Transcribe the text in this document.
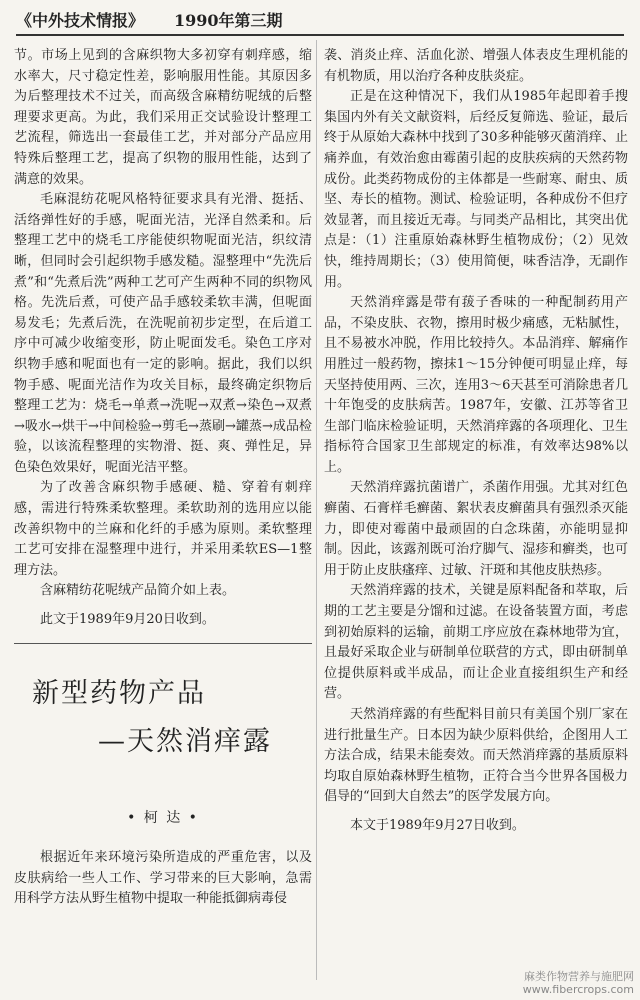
《中外技术情报》 1990年第三期

节。市场上见到的含麻织物大多初穿有刺痒感，缩水率大，尺寸稳定性差，影响服用性能。其原因多为后整理技术不过关，而高级含麻精纺呢绒的后整理要求更高。为此，我们采用正交试验设计整理工艺流程，筛选出一套最佳工艺，并对部分产品应用特殊后整理工艺，提高了织物的服用性能，达到了满意的效果。

毛麻混纺花呢风格特征要求具有光滑、挺括、活络弹性好的手感，呢面光洁，光泽自然柔和。后整理工艺中的烧毛工序能使织物呢面光洁，织纹清晰，但同时会引起织物手感发糙。湿整理中“先洗后煮”和“先煮后洗”两种工艺可产生两种不同的织物风格。先洗后煮，可使产品手感较柔软丰满，但呢面易发毛；先煮后洗，在洗呢前初步定型，在后道工序中可减少收缩变形，防止呢面发毛。染色工序对织物手感和呢面也有一定的影响。据此，我们以织物手感、呢面光洁作为攻关目标，最终确定织物后整理工艺为：烧毛→单煮→洗呢→双煮→染色→双煮→吸水→烘干→中间检验→剪毛→蒸刷→罐蒸→成品检验，以该流程整理的实物滑、挺、爽、弹性足，异色染色效果好，呢面光洁平整。

为了改善含麻织物手感硬、糙、穿着有刺痒感，需进行特殊柔软整理。柔软助剂的选用应以能改善织物中的兰麻和化纤的手感为原则。柔软整理工艺可安排在湿整理中进行，并采用柔软ES—1整理方法。

含麻精纺花呢绒产品简介如上表。

此文于1989年9月20日收到。

新型药物产品
—天然消痒露
• 柯 达 •

根据近年来环境污染所造成的严重危害，以及皮肤病给一些人工作、学习带来的巨大影响，急需用科学方法从野生植物中提取一种能抵御病毒侵

袭、消炎止痒、活血化淤、增强人体表皮生理机能的有机物质，用以治疗各种皮肤炎症。

正是在这种情况下，我们从1985年起即着手搜集国内外有关文献资料，后经反复筛选、验证，最后终于从原始大森林中找到了30多种能够灭菌消痒、止痛养血，有效治愈由霉菌引起的皮肤疾病的天然药物成份。此类药物成份的主体都是一些耐寒、耐虫、质坚、寿长的植物。测试、检验证明，各种成份不但疗效显著，而且接近无毒。与同类产品相比，其突出优点是：（1）注重原始森林野生植物成份；（2）见效快，维持周期长；（3）使用简便，味香洁净，无副作用。

天然消痒露是带有菝子香味的一种配制药用产品，不染皮肤、衣物，擦用时极少痛感，无粘腻性，且不易被水冲脱，作用比较持久。本品消痒、解痛作用胜过一般药物，擦抹1～15分钟便可明显止痒，每天坚持使用两、三次，连用3～6天甚至可消除患者几十年饱受的皮肤病苦。1987年，安徽、江苏等省卫生部门临床检验证明，天然消痒露的各项理化、卫生指标符合国家卫生部规定的标准，有效率达98%以上。

天然消痒露抗菌谱广，杀菌作用强。尤其对红色癣菌、石膏样毛癣菌、絮状表皮癣菌具有强烈杀灭能力，即使对霉菌中最顽固的白念珠菌，亦能明显抑制。因此，该露剂既可治疗脚气、湿疹和癣类，也可用于防止皮肤瘙痒、过敏、汗斑和其他皮肤热疹。

天然消痒露的技术，关键是原料配备和萃取，后期的工艺主要是分馏和过滤。在设备装置方面，考虑到初始原料的运输，前期工序应放在森林地带为宜，且最好采取企业与研制单位联营的方式，即由研制单位提供原料或半成品，而让企业直接组织生产和经营。

天然消痒露的有些配料目前只有美国个别厂家在进行批量生产。日本因为缺少原料供给，企图用人工方法合成，结果未能奏效。而天然消痒露的基质原料均取自原始森林野生植物，正符合当今世界各国极力倡导的“回到大自然去”的医学发展方向。

本文于1989年9月27日收到。

麻类作物营养与施肥网
www.fibercrops.com
